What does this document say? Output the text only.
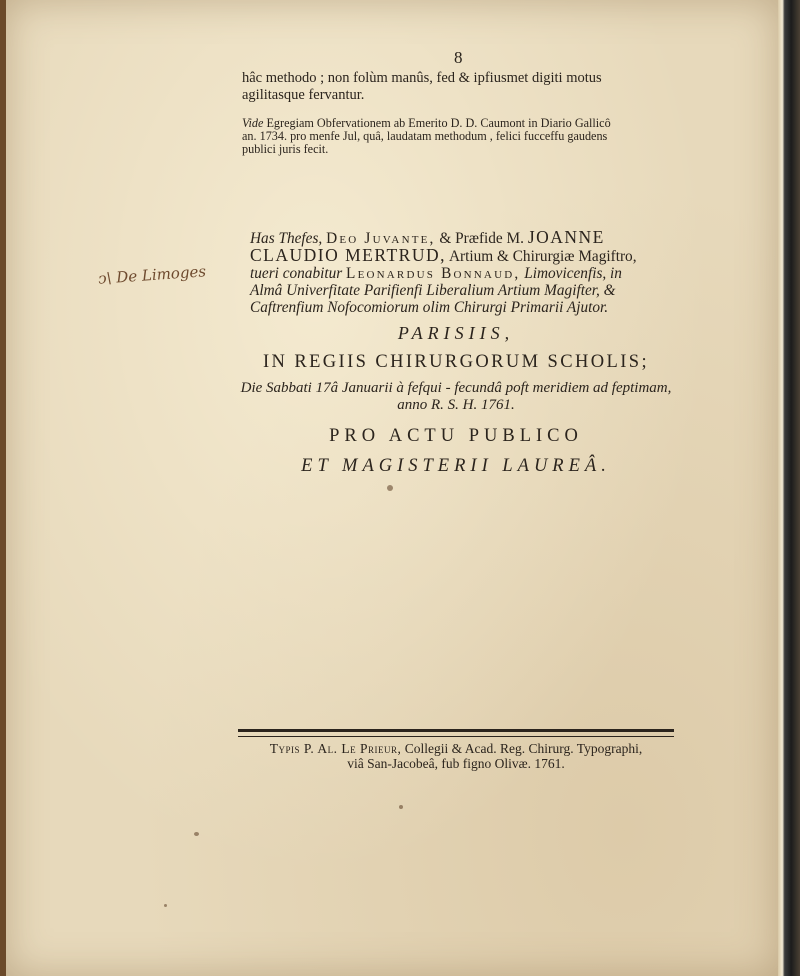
8
hâc methodo ; non folùm manûs, fed & ipfiusmet digiti motus
agilitasque fervantur.
Vide Egregiam Obfervationem ab Emerito D. D. Caumont in Diario Gallicô
an. 1734. pro menfe Jul, quâ, laudatam methodum , felici fucceffu gaudens
publici juris fecit.
ↄ\ De Limoges
Has Thefes, Deo Juvante, & Præfide M. JOANNE
CLAUDIO MERTRUD, Artium & Chirurgiæ Magiftro,
tueri conabitur Leonardus Bonnaud, Limovicenfis, in
Almâ Univerfitate Parifienfi Liberalium Artium Magifter, &
Caftrenfium Nofocomiorum olim Chirurgi Primarii Ajutor.
PARISIIS,
IN REGIIS CHIRURGORUM SCHOLIS;
Die Sabbati 17â Januarii à fefqui - fecundâ poft meridiem ad feptimam,
anno R. S. H. 1761.
PRO ACTU PUBLICO
ET MAGISTERII LAUREÂ.
Typis P. Al. Le Prieur, Collegii & Acad. Reg. Chirurg. Typographi,
viâ San-Jacobeâ, fub figno Olivæ. 1761.
